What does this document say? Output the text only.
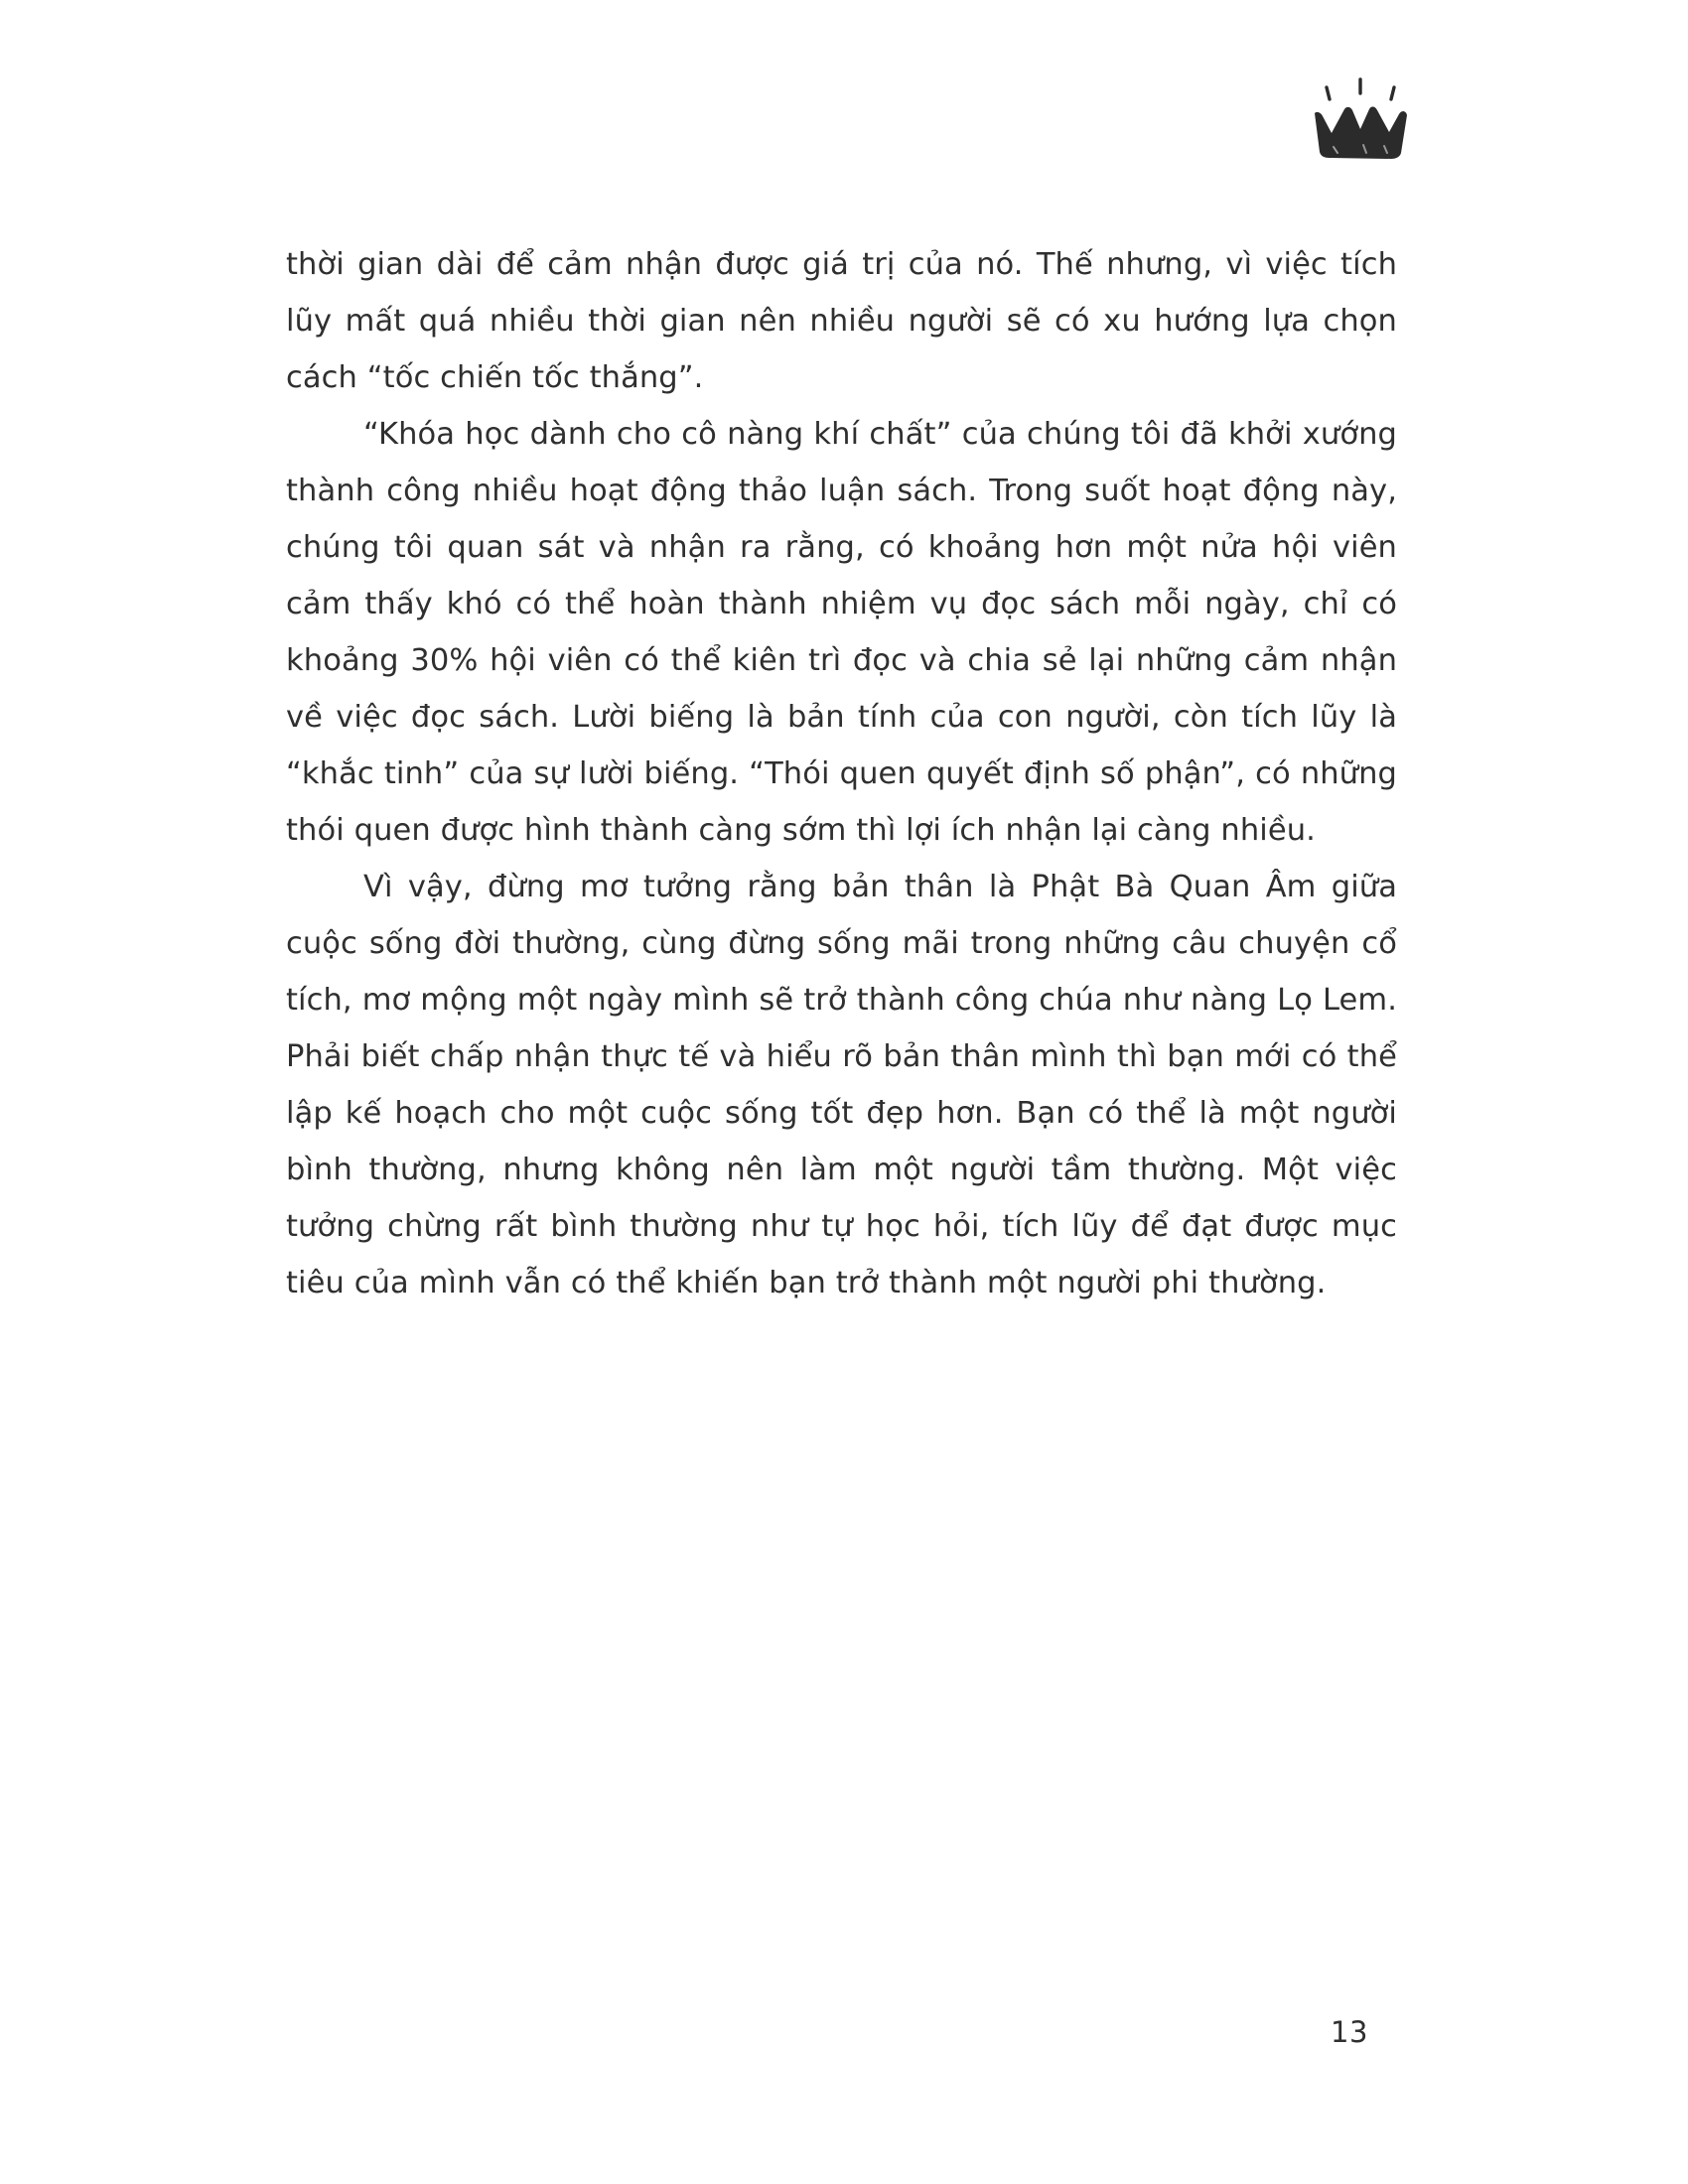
thời gian dài để cảm nhận được giá trị của nó. Thế nhưng, vì việc tích lũy mất quá nhiều thời gian nên nhiều người sẽ có xu hướng lựa chọn cách “tốc chiến tốc thắng”.

“Khóa học dành cho cô nàng khí chất” của chúng tôi đã khởi xướng thành công nhiều hoạt động thảo luận sách. Trong suốt hoạt động này, chúng tôi quan sát và nhận ra rằng, có khoảng hơn một nửa hội viên cảm thấy khó có thể hoàn thành nhiệm vụ đọc sách mỗi ngày, chỉ có khoảng 30% hội viên có thể kiên trì đọc và chia sẻ lại những cảm nhận về việc đọc sách. Lười biếng là bản tính của con người, còn tích lũy là “khắc tinh” của sự lười biếng. “Thói quen quyết định số phận”, có những thói quen được hình thành càng sớm thì lợi ích nhận lại càng nhiều.

Vì vậy, đừng mơ tưởng rằng bản thân là Phật Bà Quan Âm giữa cuộc sống đời thường, cùng đừng sống mãi trong những câu chuyện cổ tích, mơ mộng một ngày mình sẽ trở thành công chúa như nàng Lọ Lem. Phải biết chấp nhận thực tế và hiểu rõ bản thân mình thì bạn mới có thể lập kế hoạch cho một cuộc sống tốt đẹp hơn. Bạn có thể là một người bình thường, nhưng không nên làm một người tầm thường. Một việc tưởng chừng rất bình thường như tự học hỏi, tích lũy để đạt được mục tiêu của mình vẫn có thể khiến bạn trở thành một người phi thường.

13
